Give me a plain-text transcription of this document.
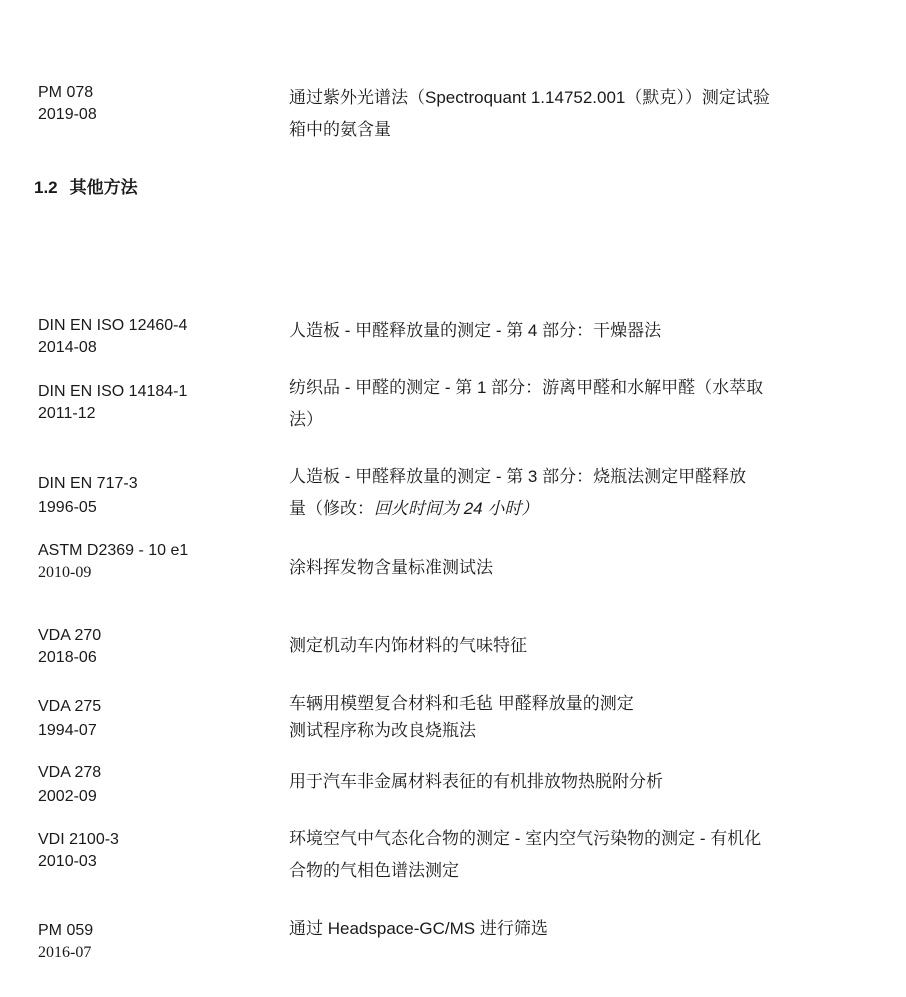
PM 078
2019-08
通过紫外光谱法（Spectroquant 1.14752.001（默克））测定试验
箱中的氨含量
1.2 其他方法
DIN EN ISO 12460-4
2014-08
人造板 - 甲醛释放量的测定 - 第 4 部分：干燥器法
DIN EN ISO 14184-1
2011-12
纺织品 - 甲醛的测定 - 第 1 部分：游离甲醛和水解甲醛（水萃取
法）
DIN EN 717-3
1996-05
人造板 - 甲醛释放量的测定 - 第 3 部分：烧瓶法测定甲醛释放
量（修改：回火时间为 24 小时）
ASTM D2369 - 10 e1
2010-09	涂料挥发物含量标准测试法
VDA 270
2018-06
测定机动车内饰材料的气味特征
VDA 275
1994-07
车辆用模塑复合材料和毛毡 甲醛释放量的测定
测试程序称为改良烧瓶法
VDA 278
2002-09
用于汽车非金属材料表征的有机排放物热脱附分析
VDI 2100-3
2010-03
环境空气中气态化合物的测定 - 室内空气污染物的测定 - 有机化
合物的气相色谱法测定
PM 059
2016-07
通过 Headspace-GC/MS 进行筛选
